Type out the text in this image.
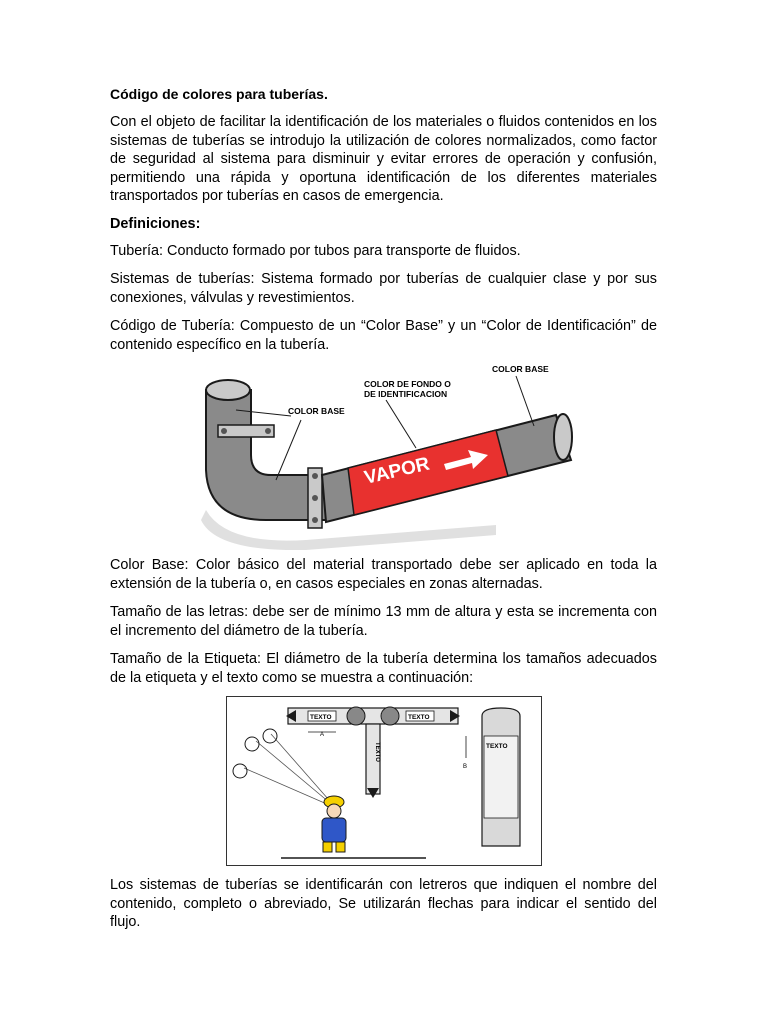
Código de colores para tuberías.

Con el objeto de facilitar la identificación de los materiales o fluidos contenidos en los sistemas de tuberías se introdujo la utilización de colores normalizados, como factor de seguridad al sistema para disminuir y evitar errores de operación y confusión, permitiendo una rápida y oportuna identificación de los diferentes materiales transportados por tuberías en casos de emergencia.

Definiciones:

Tubería: Conducto formado por tubos para transporte de fluidos.

Sistemas de tuberías: Sistema formado por tuberías de cualquier clase y por sus conexiones, válvulas y revestimientos.

Código de Tubería: Compuesto de un “Color Base” y un “Color de Identificación” de contenido específico en la tubería.

VAPOR
COLOR BASE
COLOR DE FONDO O
DE IDENTIFICACION
COLOR BASE

Color Base: Color básico del material transportado debe ser aplicado en toda la extensión de la tubería o, en casos especiales en zonas alternadas.

Tamaño de las letras: debe ser de mínimo 13 mm de altura y esta se incrementa con el incremento del diámetro de la tubería.

Tamaño de la Etiqueta: El diámetro de la tubería determina los tamaños adecuados de la etiqueta y el texto como se muestra a continuación:

TEXTO	TEXTO
TEXTO
A
TEXTO
B

Los sistemas de tuberías se identificarán con letreros que indiquen el nombre del contenido, completo o abreviado, Se utilizarán flechas para indicar el sentido del flujo.
